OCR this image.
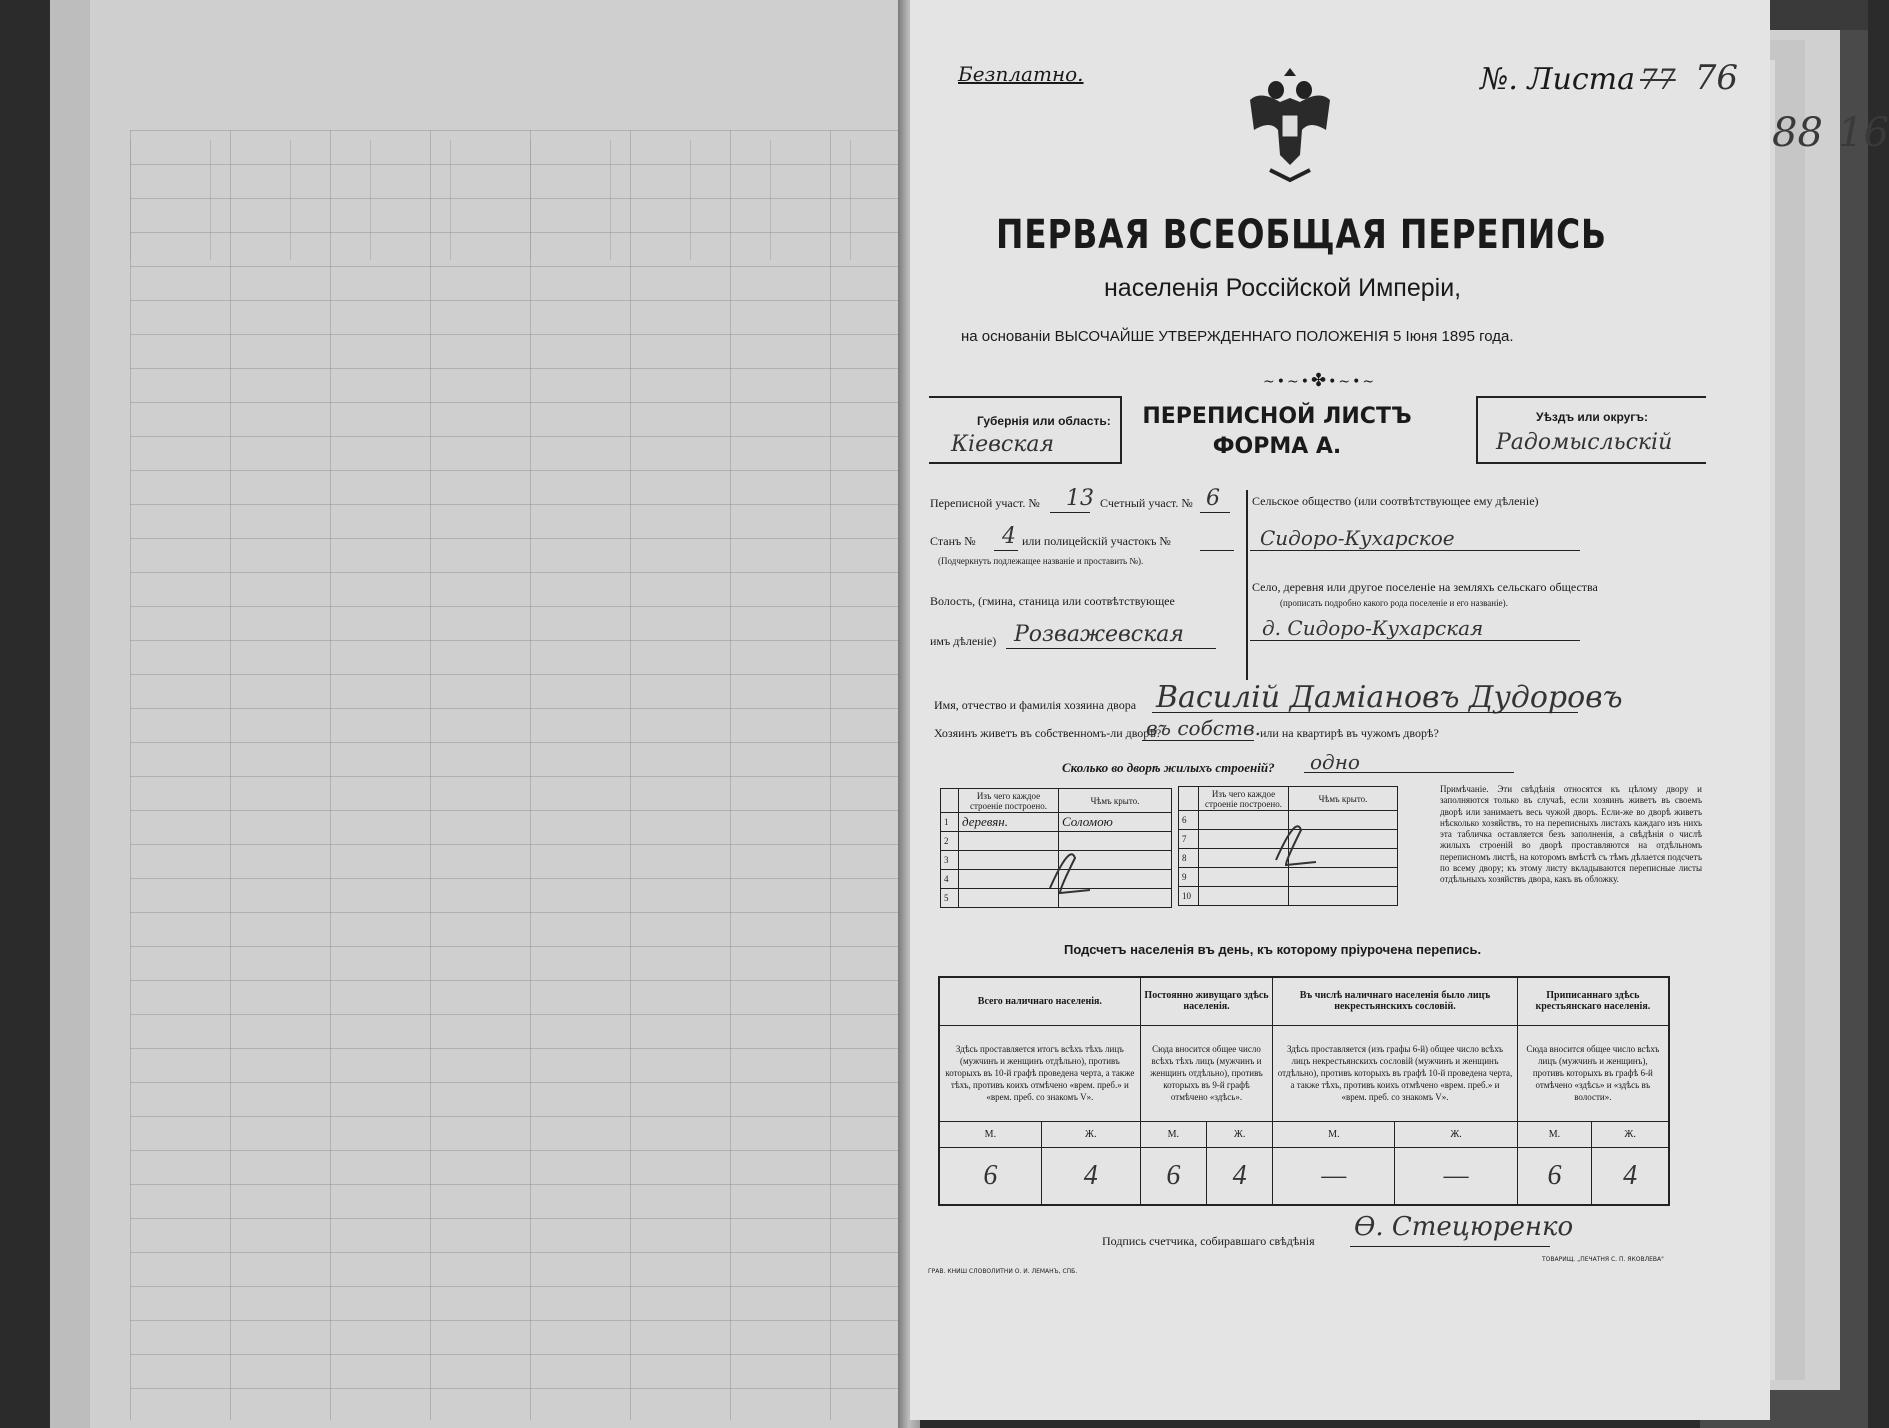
Безплатно.	№. Листа 77 76
ПЕРВАЯ ВСЕОБЩАЯ ПЕРЕПИСЬ
населенія Россійской Имперіи,
на основаніи ВЫСОЧАЙШЕ УТВЕРЖДЕННАГО ПОЛОЖЕНІЯ 5 Іюня 1895 года.
~•~•✤•~•~
Губернія или область:
Кіевская
ПЕРЕПИСНОЙ ЛИСТЪ
ФОРМА А.
Уѣздъ или округъ:
Радомысльскій
Переписной участ. № 13 Счетный участ. № 6
Станъ № 4 или полицейскій участокъ №
(Подчеркнуть подлежащее названіе и проставить №).
Волость, (гмина, станица или соотвѣтствующее
имъ дѣленіе) Розважевская
Сельское общество (или соотвѣтствующее ему дѣленіе)
Сидоро-Кухарское
Село, деревня или другое поселеніе на земляхъ сельскаго общества
(прописать подробно какого рода поселеніе и его названіе).
д. Сидоро-Кухарская
Имя, отчество и фамилія хозяина двора Василій Даміановъ Дудоровъ
Хозяинъ живетъ въ собственномъ-ли дворѣ?
въ собств. или на квартирѣ въ чужомъ дворѣ?
Сколько во дворѣ жилыхъ строеній? одно
	Изъ чего каждое строеніе построено.	Чѣмъ крыто.
1	деревян.	Соломою
2		
3		
4		
5		
	Изъ чего каждое строеніе построено.	Чѣмъ крыто.
6		
7		
8		
9		
10		
Примѣчаніе. Эти свѣдѣнія относятся къ цѣлому двору и заполняются только въ случаѣ, если хозяинъ живетъ въ своемъ дворѣ или занимаетъ весь чужой дворъ. Если-же во дворѣ живетъ нѣсколько хозяйствъ, то на переписныхъ листахъ каждаго изъ нихъ эта табличка оставляется безъ заполненія, а свѣдѣнія о числѣ жилыхъ строеній во дворѣ проставляются на отдѣльномъ переписномъ листѣ, на которомъ вмѣстѣ съ тѣмъ дѣлается подсчетъ по всему двору; къ этому листу вкладываются переписные листы отдѣльныхъ хозяйствъ двора, какъ въ обложку.
Подсчетъ населенія въ день, къ которому пріурочена перепись.
Всего наличнаго населенія.		Постоянно живущаго здѣсь населенія.		Въ числѣ наличнаго населенія было лицъ некрестьянскихъ сословій.		Приписаннаго здѣсь крестьянскаго населенія.	
Здѣсь проставляется итогъ всѣхъ тѣхъ лицъ (мужчинъ и женщинъ отдѣльно), противъ которыхъ въ 10-й графѣ проведена черта, а также тѣхъ, противъ коихъ отмѣчено «врем. преб.» и «врем. преб. со знакомъ V».		Сюда вносится общее число всѣхъ тѣхъ лицъ (мужчинъ и женщинъ отдѣльно), противъ которыхъ въ 9-й графѣ отмѣчено «здѣсь».		Здѣсь проставляется (изъ графы 6-й) общее число всѣхъ лицъ некрестьянскихъ сословій (мужчинъ и женщинъ отдѣльно), противъ которыхъ въ графѣ 10-й проведена черта, а также тѣхъ, противъ коихъ отмѣчено «врем. преб.» и «врем. преб. со знакомъ V».		Сюда вносится общее число всѣхъ лицъ (мужчинъ и женщинъ), противъ которыхъ въ графѣ 6-й отмѣчено «здѣсь» и «здѣсь въ волости».	
М.	Ж.	М.	Ж.	М.	Ж.	М.	Ж.
6	4	6	4	—	—	6	4
Подпись счетчика, собиравшаго свѣдѣнія Ѳ. Стецюренко
ГРАВ. КНИШ СЛОВОЛИТНИ О. И. ЛЕМАНЪ, СПБ.
ТОВАРИЩ. „ПЕЧАТНЯ С. П. ЯКОВЛЕВА"
88 16
